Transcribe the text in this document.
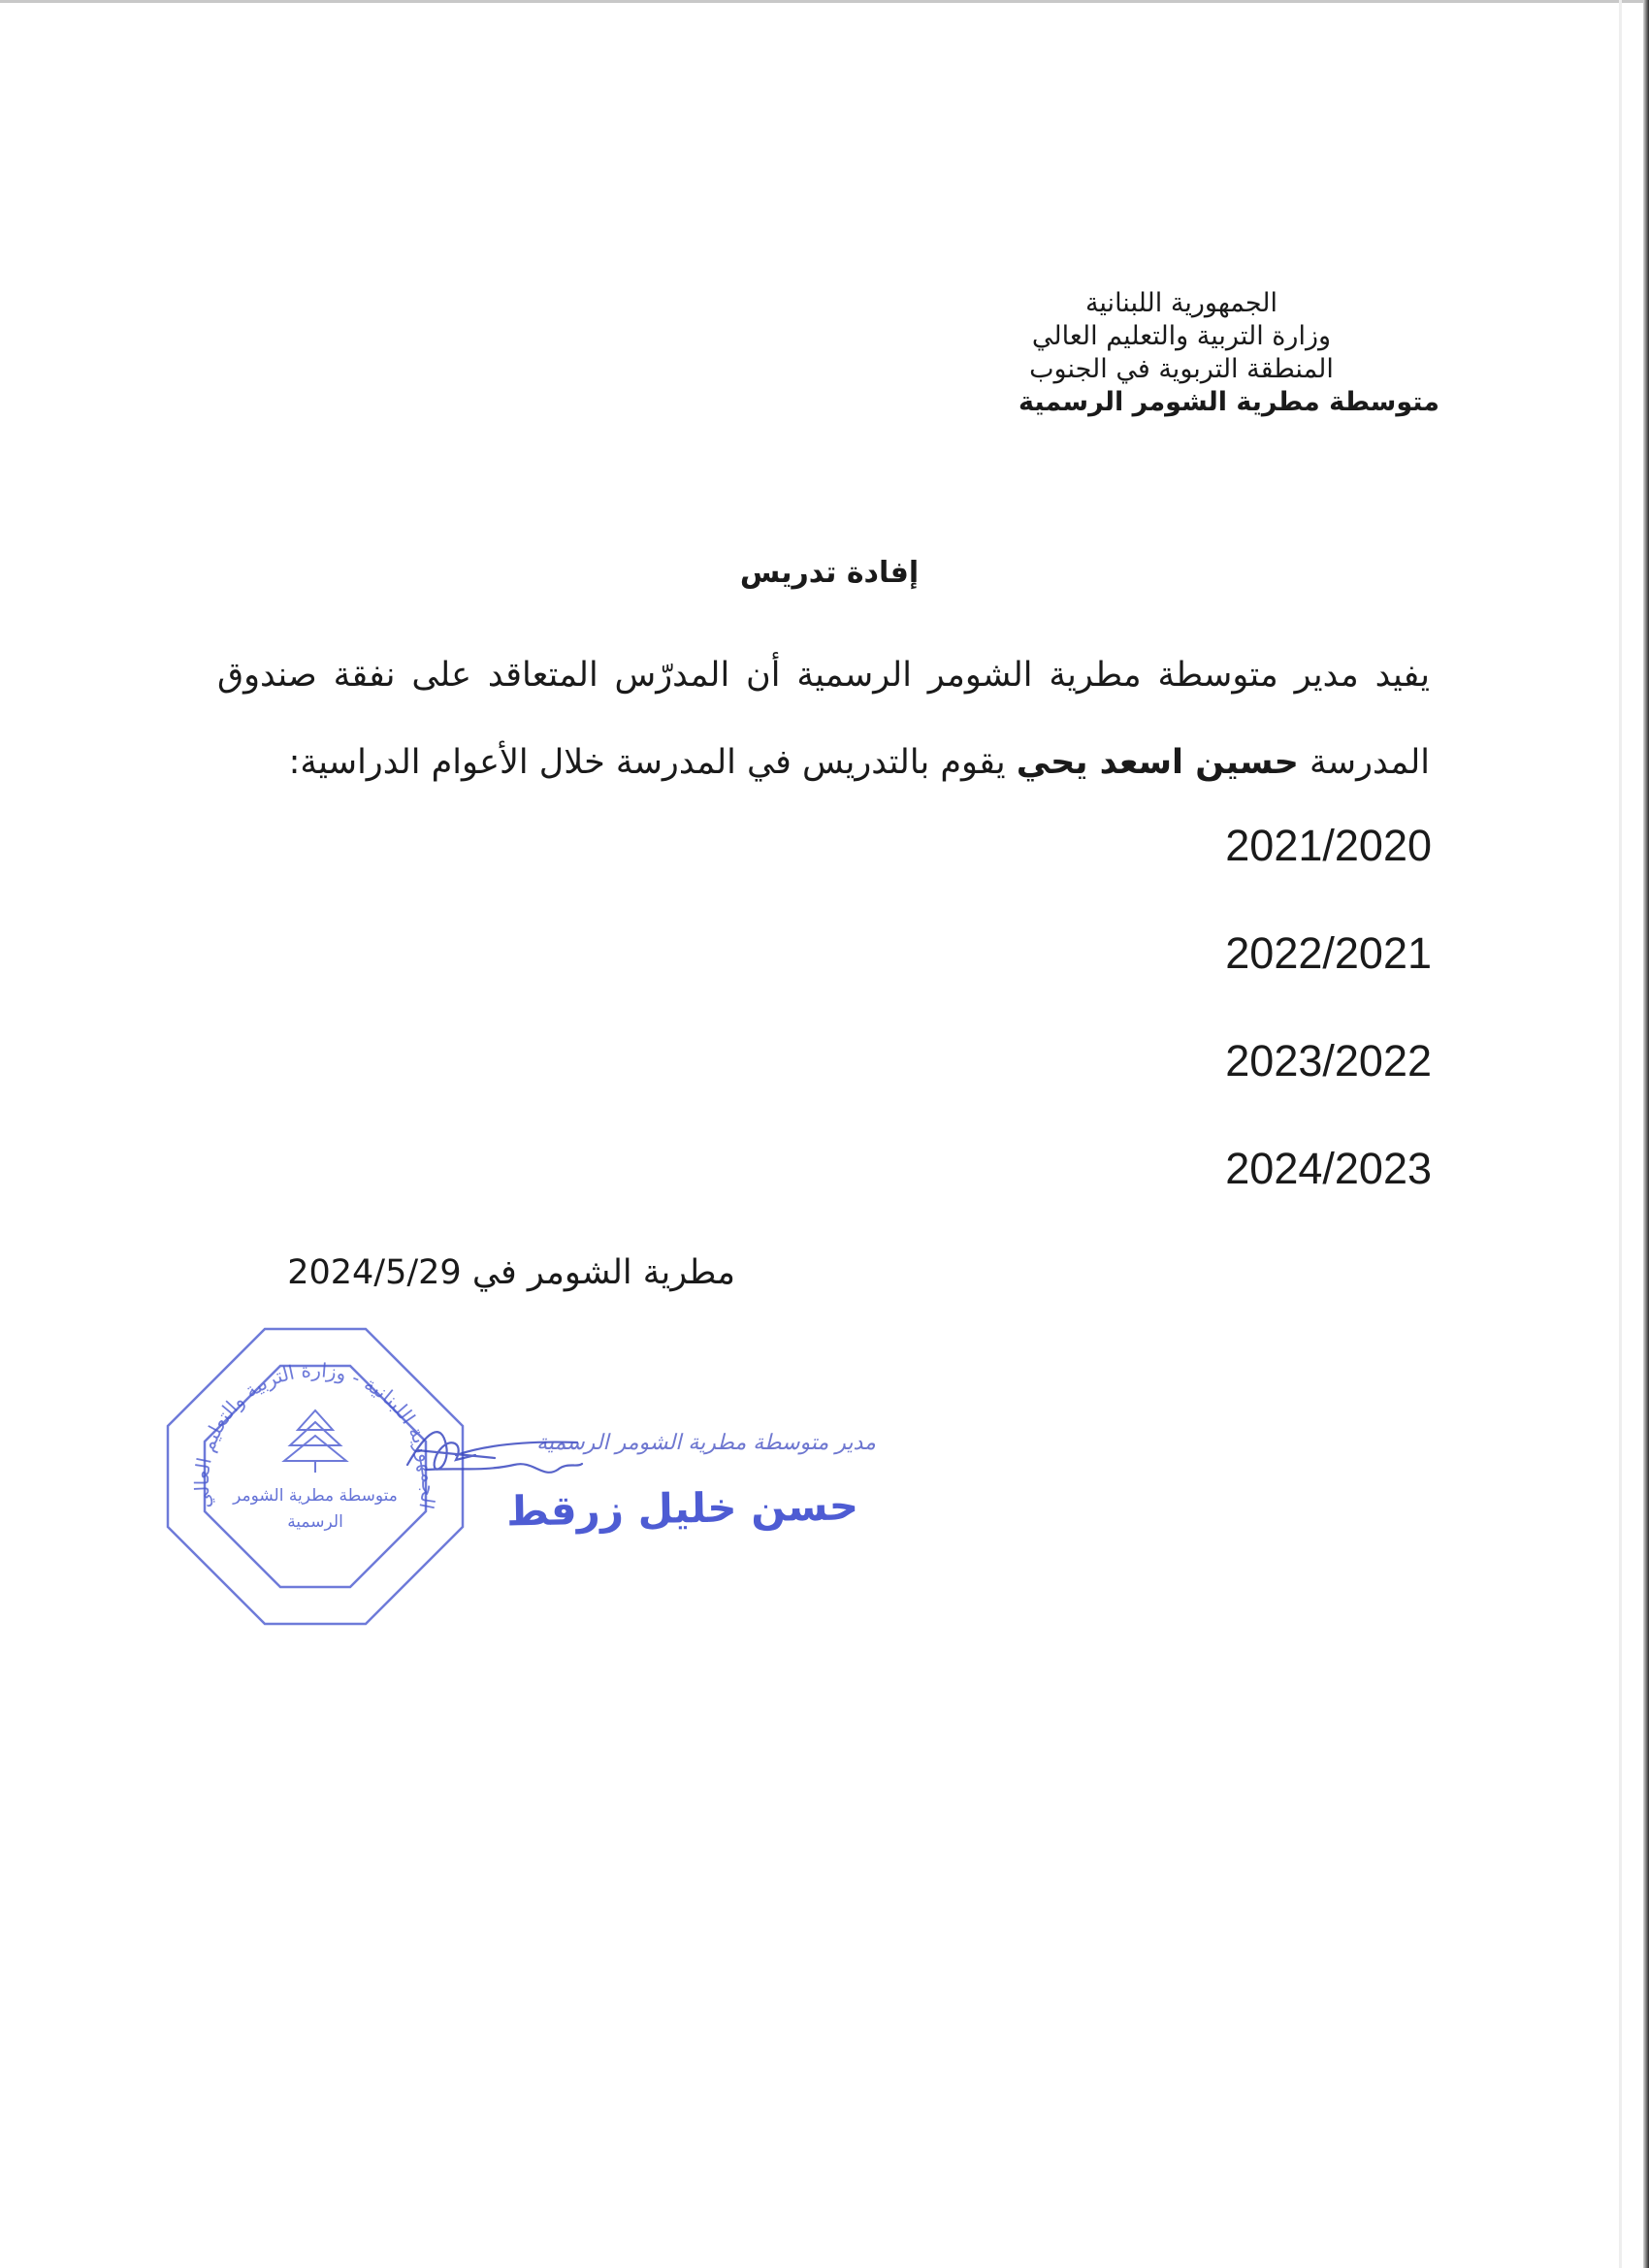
الجمهورية اللبنانية
وزارة التربية والتعليم العالي
المنطقة التربوية في الجنوب
متوسطة مطرية الشومر الرسمية
إفادة تدريس
يفيد مدير متوسطة مطرية الشومر الرسمية أن المدرّس المتعاقد على نفقة صندوق المدرسة حسين اسعد يحي يقوم بالتدريس في المدرسة خلال الأعوام الدراسية:
2021/2020
2022/2021
2023/2022
2024/2023
مطرية الشومر في 2024/5/29
الجمهورية اللبنانية - وزارة التربية والتعليم العالي
متوسطة مطرية الشومر
الرسمية
مدير متوسطة مطرية الشومر الرسمية
حسن خليل زرقط
